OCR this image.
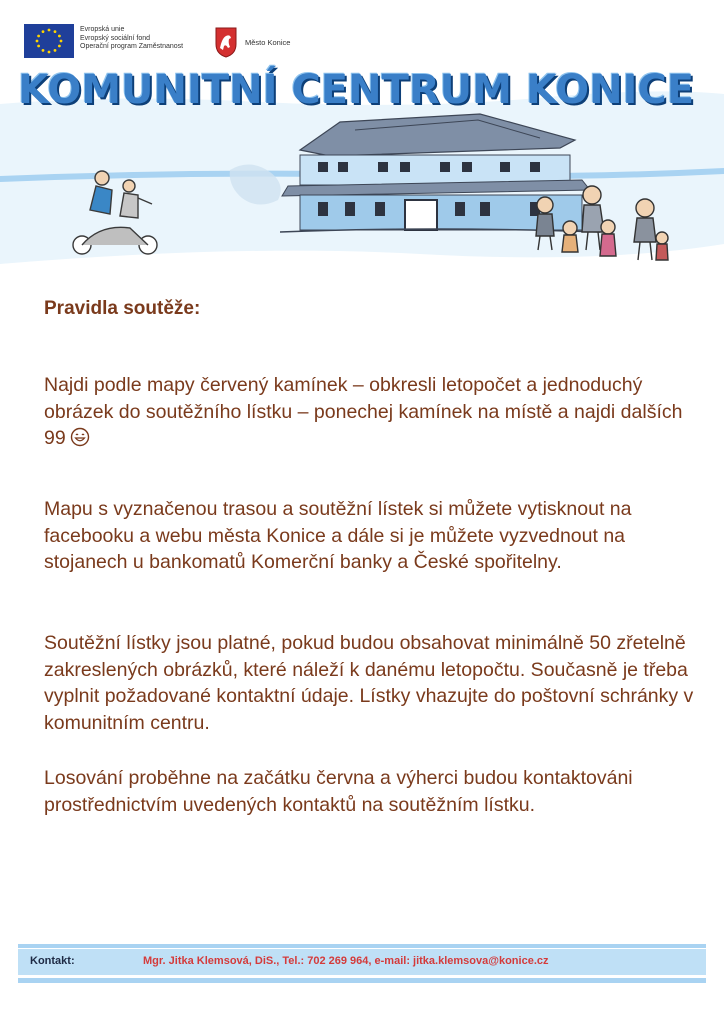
Evropská unie
Evropský sociální fond
Operační program Zaměstnanost	Město Konice
KOMUNITNÍ CENTRUM KONICE
Pravidla soutěže:
Najdi podle mapy červený kamínek – obkresli letopočet a jednoduchý obrázek do soutěžního lístku – ponechej kamínek na místě a najdi dalších 99
Mapu s vyznačenou trasou a soutěžní lístek si můžete vytisknout na facebooku a webu města Konice a dále si je můžete vyzvednout na stojanech u bankomatů Komerční banky a České spořitelny.
Soutěžní lístky jsou platné, pokud budou obsahovat minimálně 50 zřetelně zakreslených obrázků, které náleží k danému letopočtu. Současně je třeba vyplnit požadované kontaktní údaje. Lístky vhazujte do poštovní schránky v komunitním centru.
Losování proběhne na začátku června a výherci budou kontaktováni prostřednictvím uvedených kontaktů na soutěžním lístku.
Kontakt:	Mgr. Jitka Klemsová, DiS., Tel.: 702 269 964, e-mail: jitka.klemsova@konice.cz
